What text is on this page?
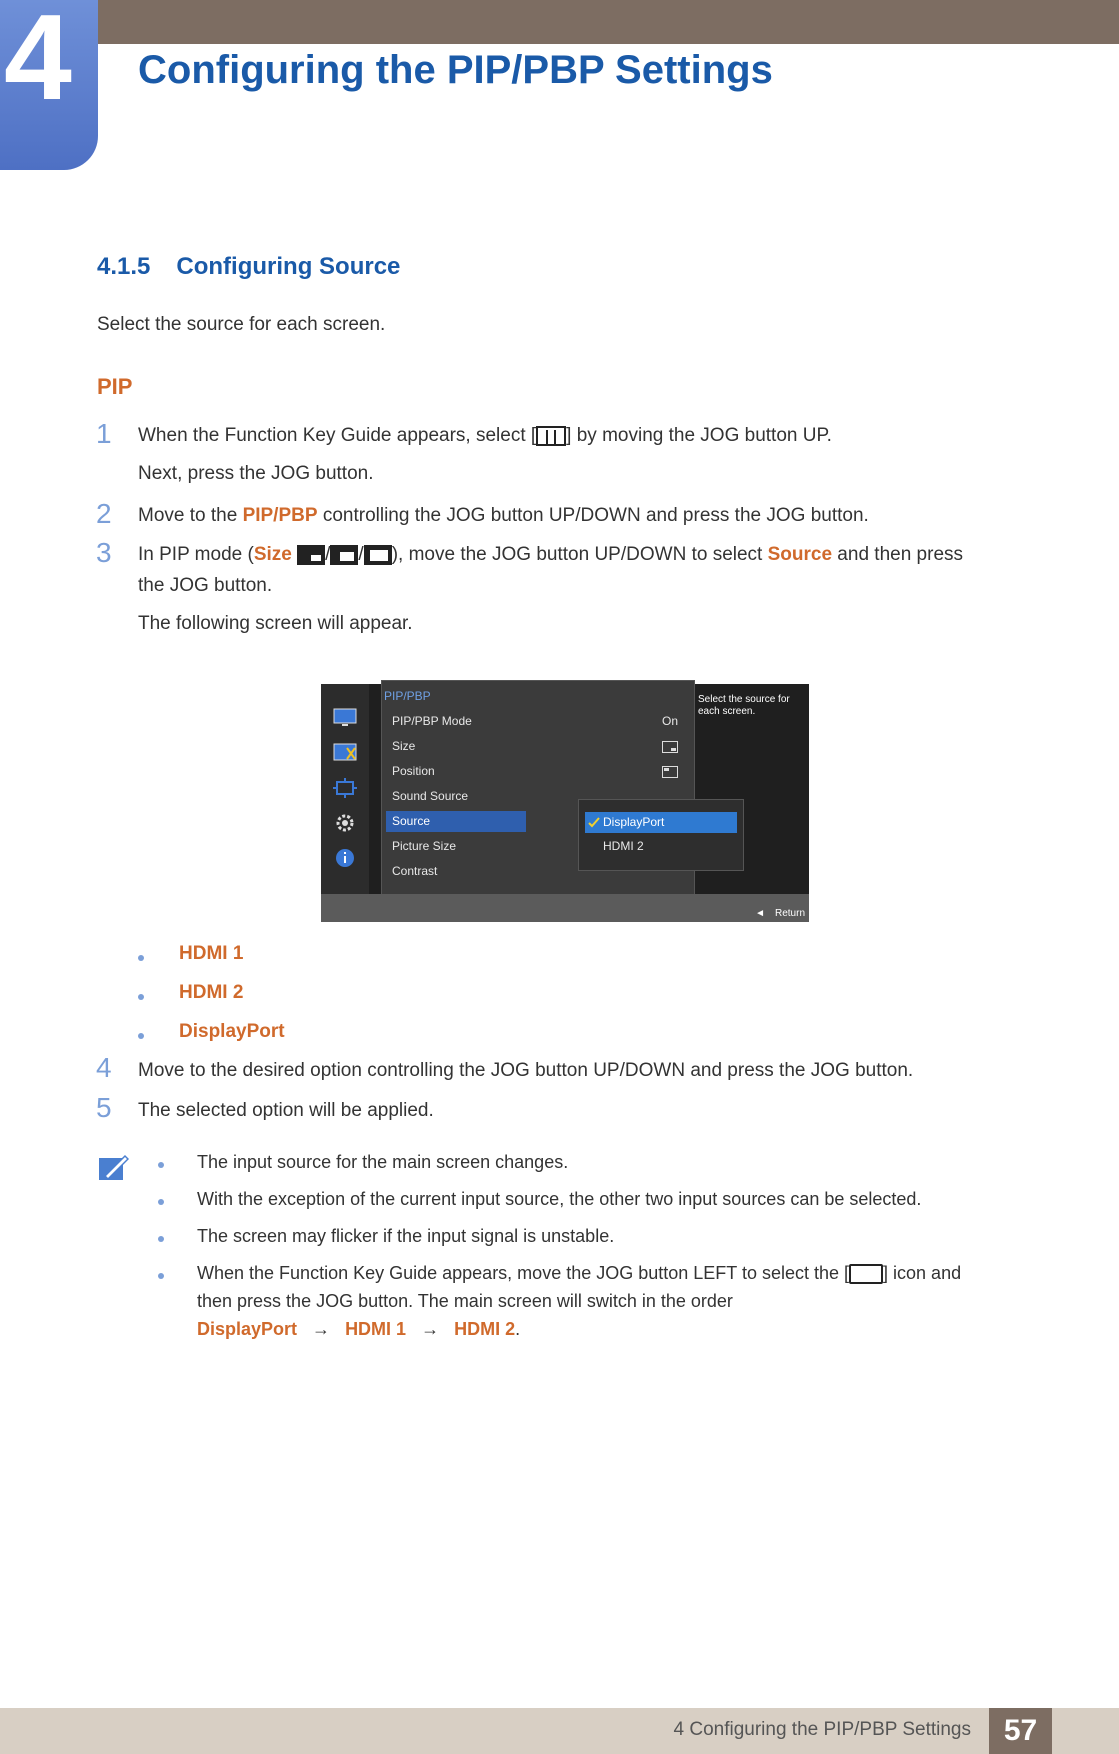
4 Configuring the PIP/PBP Settings
4.1.5 Configuring Source
Select the source for each screen.
PIP
1 When the Function Key Guide appears, select [ ] by moving the JOG button UP.
Next, press the JOG button.
2 Move to the PIP/PBP controlling the JOG button UP/DOWN and press the JOG button.
3 In PIP mode (Size / / ), move the JOG button UP/DOWN to select Source and then press
the JOG button.
The following screen will appear.
PIP/PBP
PIP/PBP Mode	On
Size
Position
Sound Source
Source
Picture Size
Contrast
DisplayPort
HDMI 2
Select the source for each screen.
◄ Return
HDMI 1
HDMI 2
DisplayPort
4 Move to the desired option controlling the JOG button UP/DOWN and press the JOG button.
5 The selected option will be applied.
The input source for the main screen changes.
With the exception of the current input source, the other two input sources can be selected.
The screen may flicker if the input signal is unstable.
When the Function Key Guide appears, move the JOG button LEFT to select the [ ] icon and
then press the JOG button. The main screen will switch in the order
DisplayPort → HDMI 1 → HDMI 2.
4 Configuring the PIP/PBP Settings	57
